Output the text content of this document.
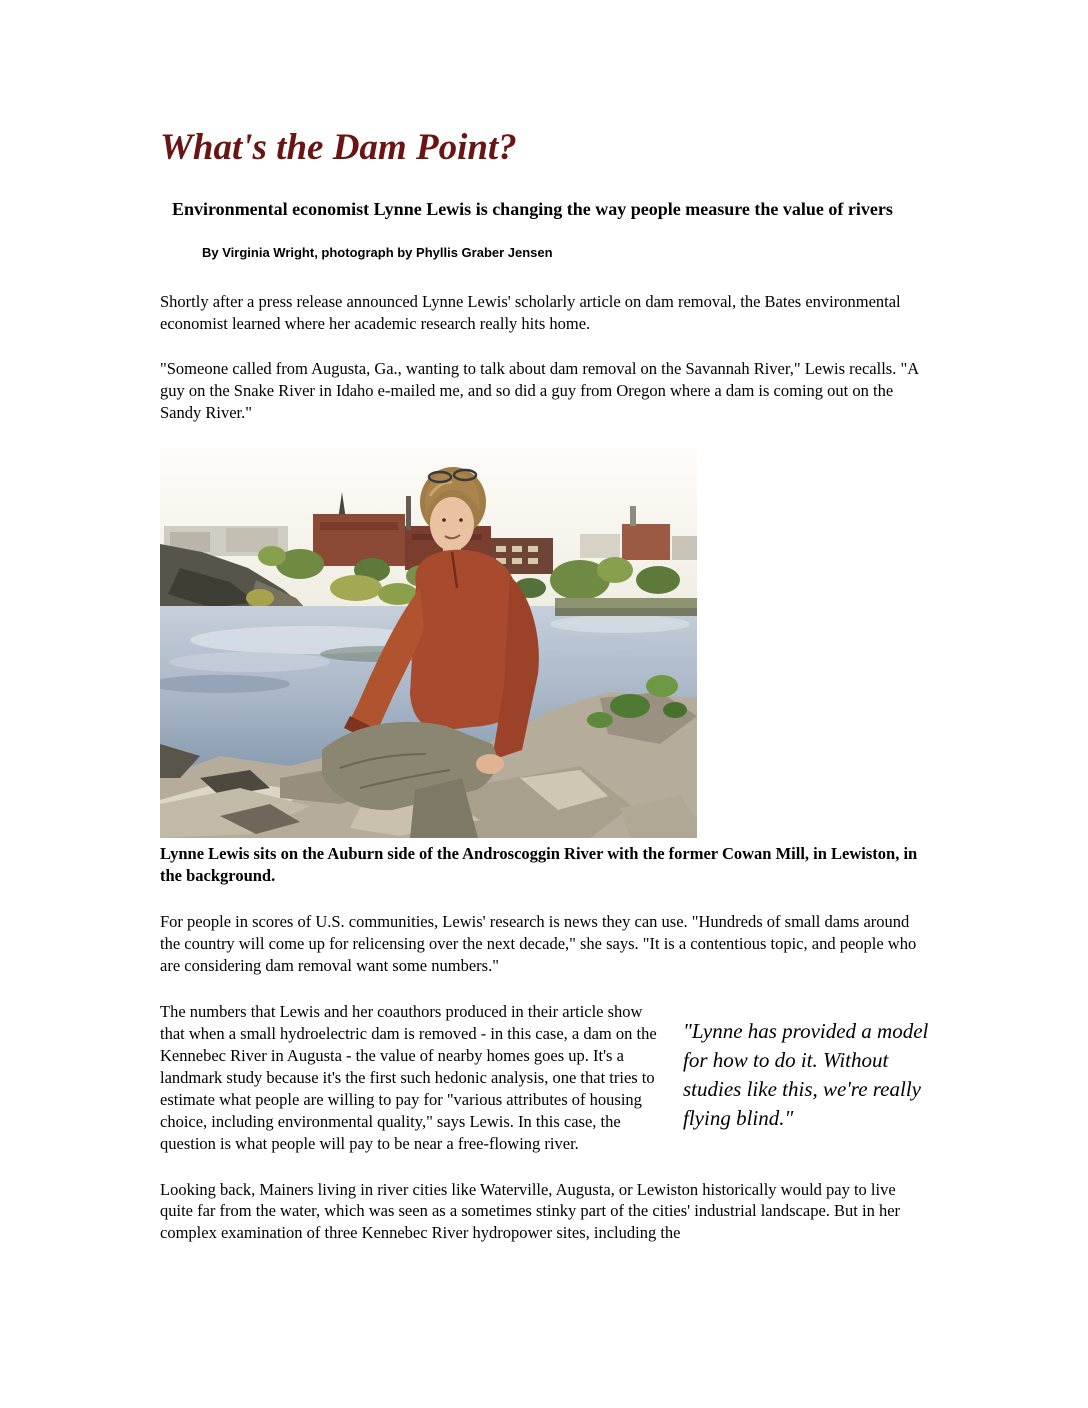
What's the Dam Point?
Environmental economist Lynne Lewis is changing the way people measure the value of rivers
By Virginia Wright, photograph by Phyllis Graber Jensen

Shortly after a press release announced Lynne Lewis' scholarly article on dam removal, the Bates environmental economist learned where her academic research really hits home.

"Someone called from Augusta, Ga., wanting to talk about dam removal on the Savannah River," Lewis recalls. "A guy on the Snake River in Idaho e-mailed me, and so did a guy from Oregon where a dam is coming out on the Sandy River."

Lynne Lewis sits on the Auburn side of the Androscoggin River with the former Cowan Mill, in Lewiston, in the background.

For people in scores of U.S. communities, Lewis' research is news they can use. "Hundreds of small dams around the country will come up for relicensing over the next decade," she says. "It is a contentious topic, and people who are considering dam removal want some numbers."

The numbers that Lewis and her coauthors produced in their article show that when a small hydroelectric dam is removed - in this case, a dam on the Kennebec River in Augusta - the value of nearby homes goes up. It's a landmark study because it's the first such hedonic analysis, one that tries to estimate what people are willing to pay for "various attributes of housing choice, including environmental quality," says Lewis. In this case, the question is what people will pay to be near a free-flowing river.

"Lynne has provided a model for how to do it. Without studies like this, we're really flying blind."

Looking back, Mainers living in river cities like Waterville, Augusta, or Lewiston historically would pay to live quite far from the water, which was seen as a sometimes stinky part of the cities' industrial landscape. But in her complex examination of three Kennebec River hydropower sites, including the
